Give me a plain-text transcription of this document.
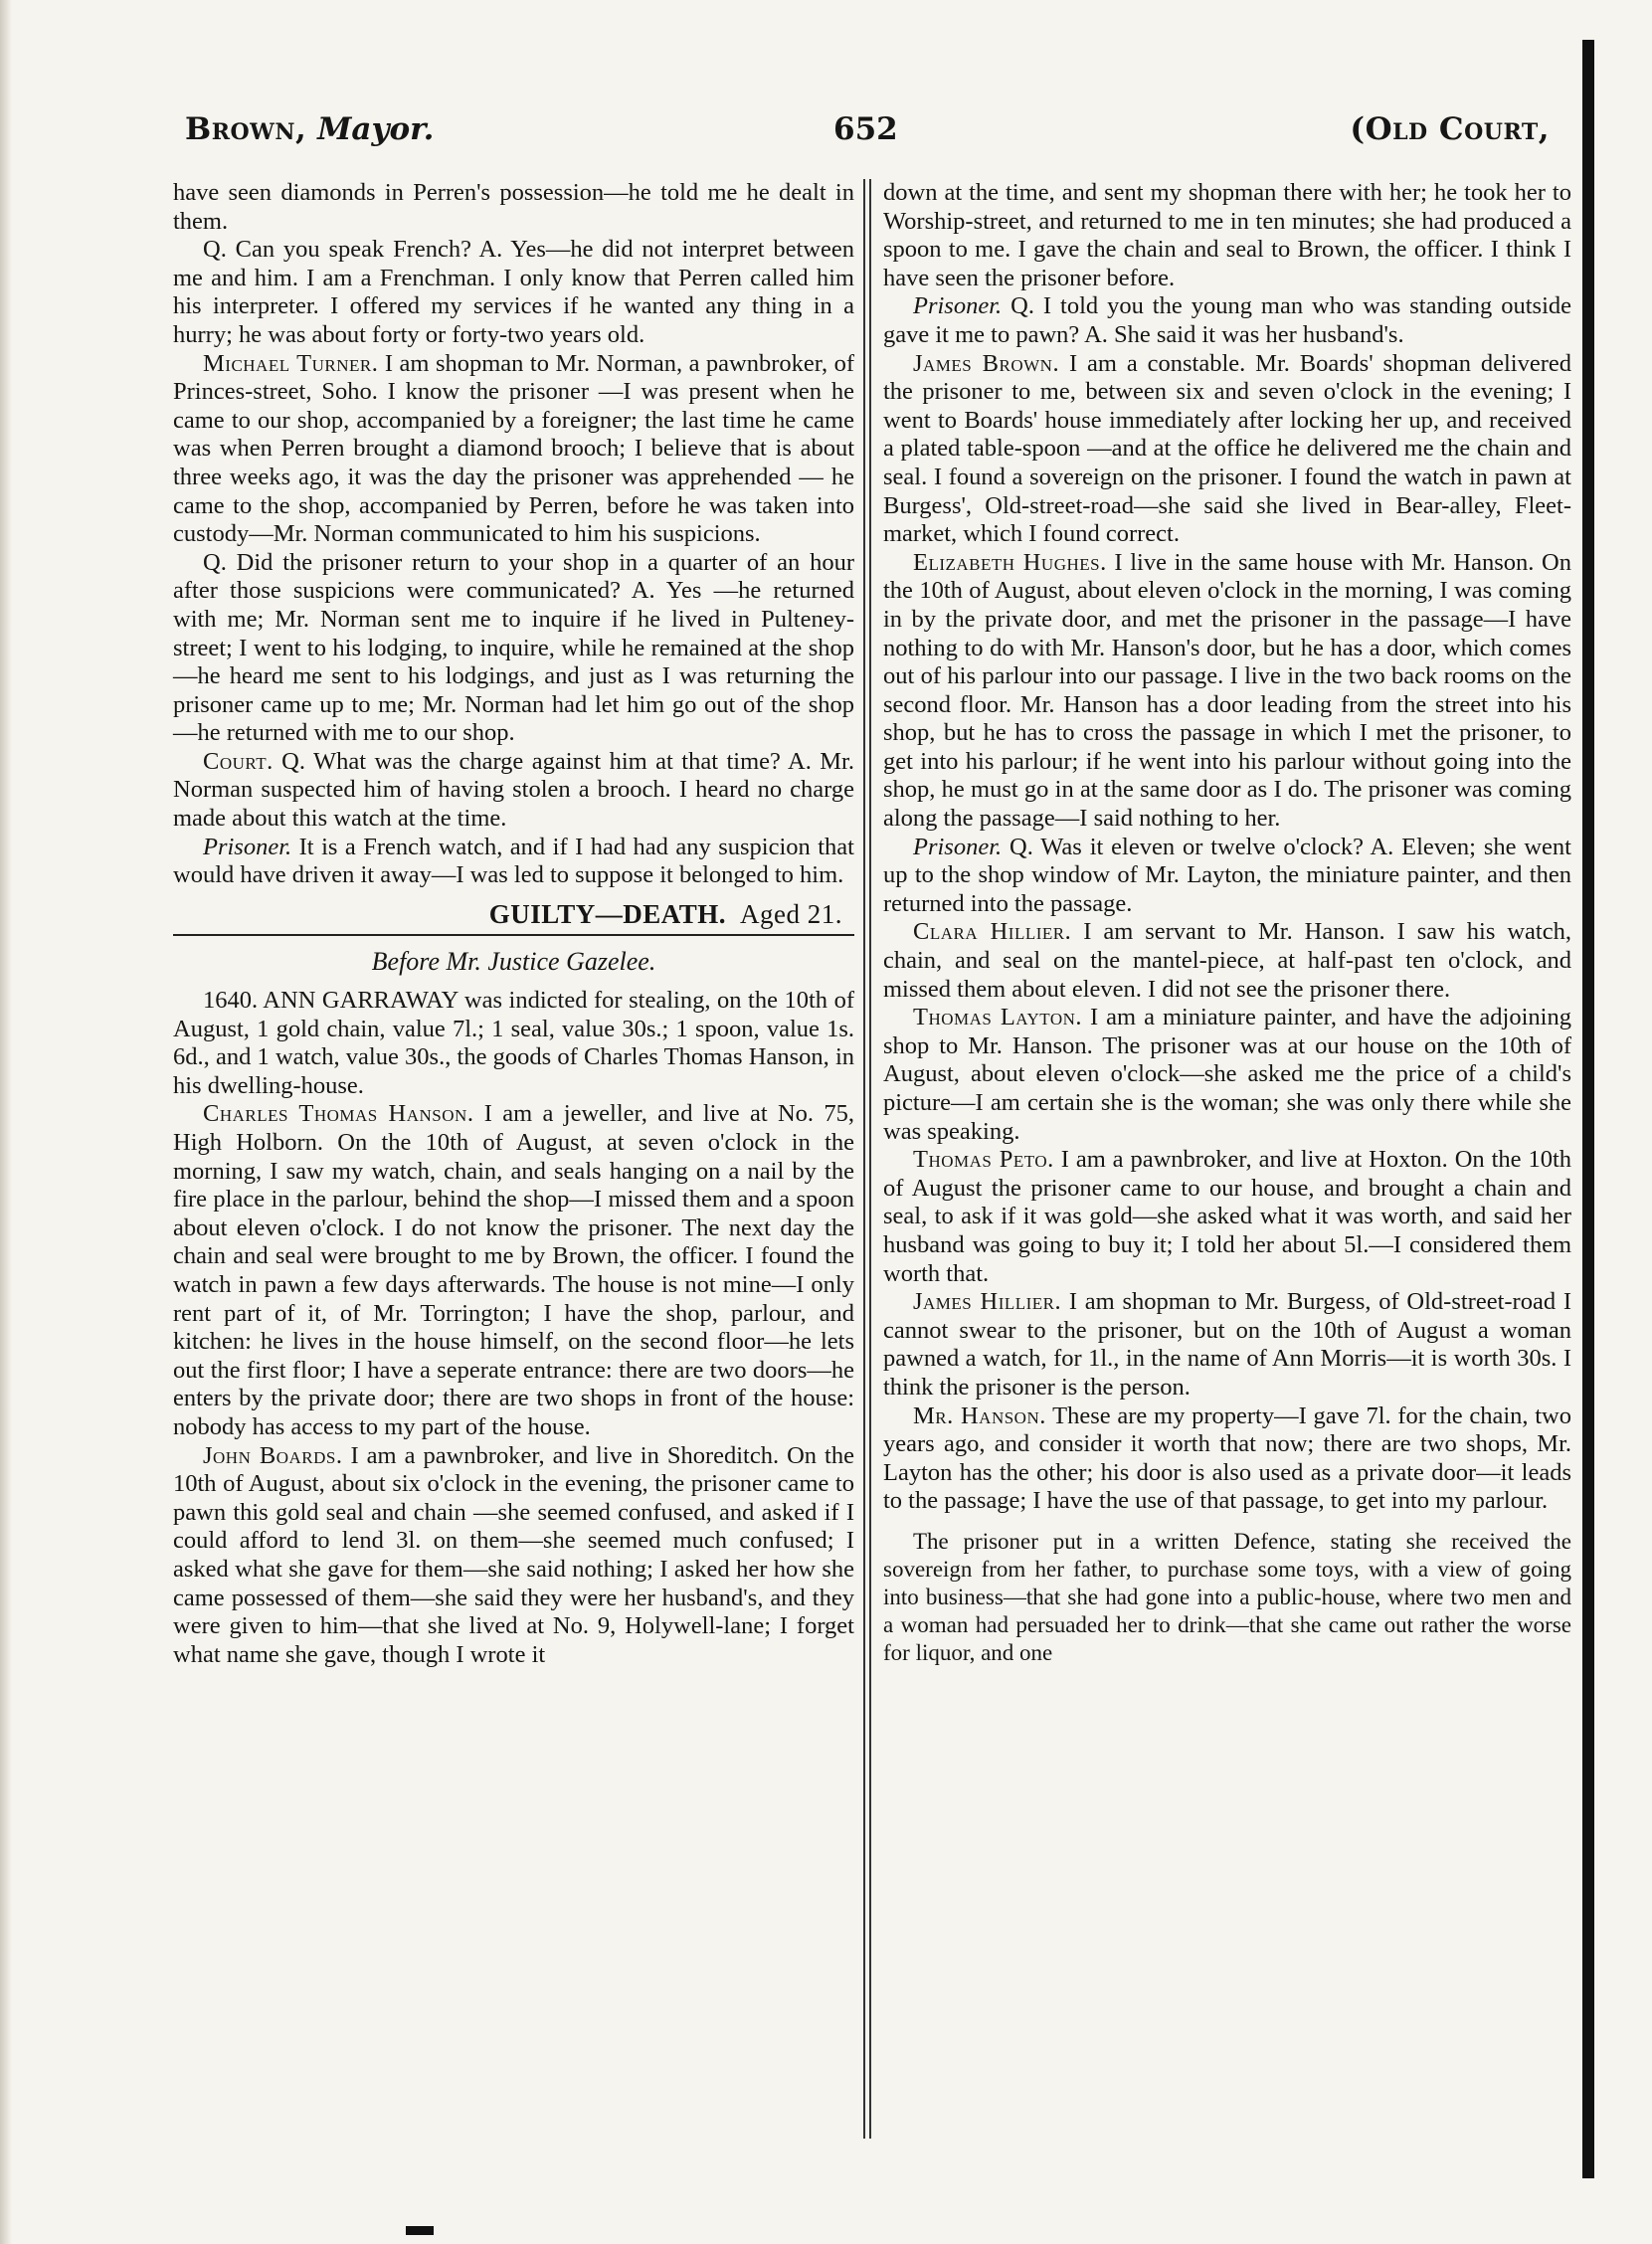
Brown, Mayor.	652	(Old Court,

have seen diamonds in Perren's possession—he told me he dealt in them.

Q. Can you speak French? A. Yes—he did not interpret between me and him. I am a Frenchman. I only know that Perren called him his interpreter. I offered my services if he wanted any thing in a hurry; he was about forty or forty-two years old.

Michael Turner. I am shopman to Mr. Norman, a pawnbroker, of Princes-street, Soho. I know the prisoner —I was present when he came to our shop, accompanied by a foreigner; the last time he came was when Perren brought a diamond brooch; I believe that is about three weeks ago, it was the day the prisoner was apprehended — he came to the shop, accompanied by Perren, before he was taken into custody—Mr. Norman communicated to him his suspicions.

Q. Did the prisoner return to your shop in a quarter of an hour after those suspicions were communicated? A. Yes —he returned with me; Mr. Norman sent me to inquire if he lived in Pulteney-street; I went to his lodging, to inquire, while he remained at the shop—he heard me sent to his lodgings, and just as I was returning the prisoner came up to me; Mr. Norman had let him go out of the shop—he returned with me to our shop.

Court. Q. What was the charge against him at that time? A. Mr. Norman suspected him of having stolen a brooch. I heard no charge made about this watch at the time.

Prisoner. It is a French watch, and if I had had any suspicion that would have driven it away—I was led to suppose it belonged to him.

GUILTY—DEATH. Aged 21.
Before Mr. Justice Gazelee.

1640. ANN GARRAWAY was indicted for stealing, on the 10th of August, 1 gold chain, value 7l.; 1 seal, value 30s.; 1 spoon, value 1s. 6d., and 1 watch, value 30s., the goods of Charles Thomas Hanson, in his dwelling-house.

Charles Thomas Hanson. I am a jeweller, and live at No. 75, High Holborn. On the 10th of August, at seven o'clock in the morning, I saw my watch, chain, and seals hanging on a nail by the fire place in the parlour, behind the shop—I missed them and a spoon about eleven o'clock. I do not know the prisoner. The next day the chain and seal were brought to me by Brown, the officer. I found the watch in pawn a few days afterwards. The house is not mine—I only rent part of it, of Mr. Torrington; I have the shop, parlour, and kitchen: he lives in the house himself, on the second floor—he lets out the first floor; I have a seperate entrance: there are two doors—he enters by the private door; there are two shops in front of the house: nobody has access to my part of the house.

John Boards. I am a pawnbroker, and live in Shoreditch. On the 10th of August, about six o'clock in the evening, the prisoner came to pawn this gold seal and chain —she seemed confused, and asked if I could afford to lend 3l. on them—she seemed much confused; I asked what she gave for them—she said nothing; I asked her how she came possessed of them—she said they were her husband's, and they were given to him—that she lived at No. 9, Holywell-lane; I forget what name she gave, though I wrote it

down at the time, and sent my shopman there with her; he took her to Worship-street, and returned to me in ten minutes; she had produced a spoon to me. I gave the chain and seal to Brown, the officer. I think I have seen the prisoner before.

Prisoner. Q. I told you the young man who was standing outside gave it me to pawn? A. She said it was her husband's.

James Brown. I am a constable. Mr. Boards' shopman delivered the prisoner to me, between six and seven o'clock in the evening; I went to Boards' house immediately after locking her up, and received a plated table-spoon —and at the office he delivered me the chain and seal. I found a sovereign on the prisoner. I found the watch in pawn at Burgess', Old-street-road—she said she lived in Bear-alley, Fleet-market, which I found correct.

Elizabeth Hughes. I live in the same house with Mr. Hanson. On the 10th of August, about eleven o'clock in the morning, I was coming in by the private door, and met the prisoner in the passage—I have nothing to do with Mr. Hanson's door, but he has a door, which comes out of his parlour into our passage. I live in the two back rooms on the second floor. Mr. Hanson has a door leading from the street into his shop, but he has to cross the passage in which I met the prisoner, to get into his parlour; if he went into his parlour without going into the shop, he must go in at the same door as I do. The prisoner was coming along the passage—I said nothing to her.

Prisoner. Q. Was it eleven or twelve o'clock? A. Eleven; she went up to the shop window of Mr. Layton, the miniature painter, and then returned into the passage.

Clara Hillier. I am servant to Mr. Hanson. I saw his watch, chain, and seal on the mantel-piece, at half-past ten o'clock, and missed them about eleven. I did not see the prisoner there.

Thomas Layton. I am a miniature painter, and have the adjoining shop to Mr. Hanson. The prisoner was at our house on the 10th of August, about eleven o'clock—she asked me the price of a child's picture—I am certain she is the woman; she was only there while she was speaking.

Thomas Peto. I am a pawnbroker, and live at Hoxton. On the 10th of August the prisoner came to our house, and brought a chain and seal, to ask if it was gold—she asked what it was worth, and said her husband was going to buy it; I told her about 5l.—I considered them worth that.

James Hillier. I am shopman to Mr. Burgess, of Old-street-road I cannot swear to the prisoner, but on the 10th of August a woman pawned a watch, for 1l., in the name of Ann Morris—it is worth 30s. I think the prisoner is the person.

Mr. Hanson. These are my property—I gave 7l. for the chain, two years ago, and consider it worth that now; there are two shops, Mr. Layton has the other; his door is also used as a private door—it leads to the passage; I have the use of that passage, to get into my parlour.

The prisoner put in a written Defence, stating she received the sovereign from her father, to purchase some toys, with a view of going into business—that she had gone into a public-house, where two men and a woman had persuaded her to drink—that she came out rather the worse for liquor, and one
